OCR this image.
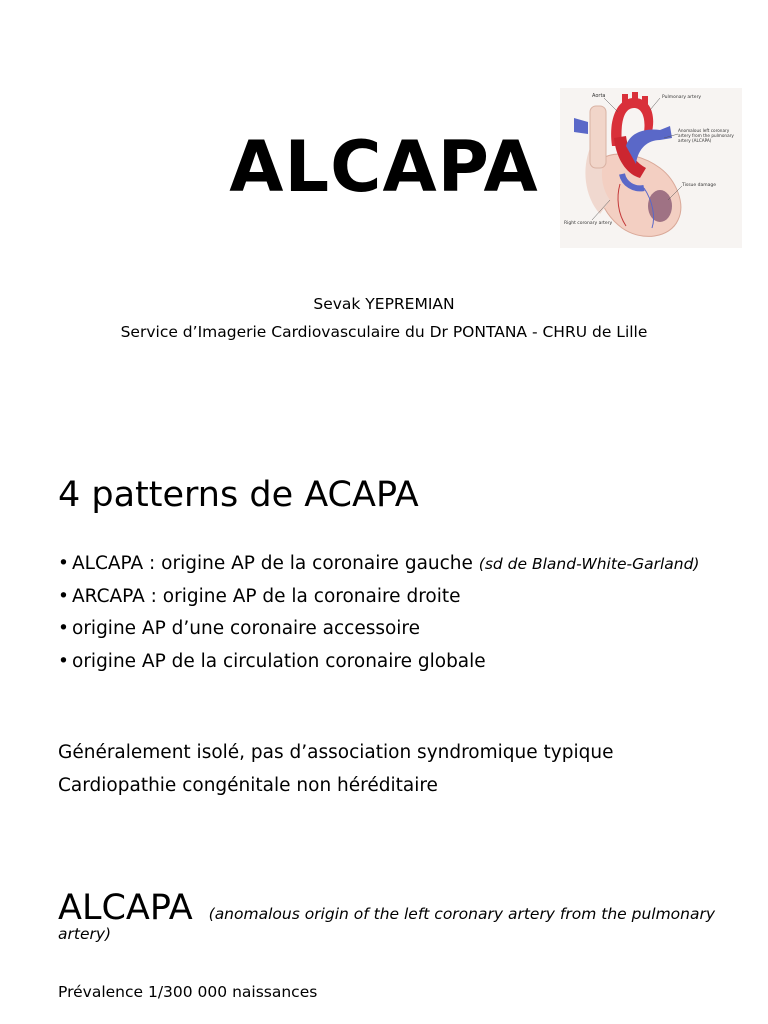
ALCAPA
Aorta	Pulmonary artery
Anomalous left coronary
artery from the pulmonary
artery (ALCAPA)
Tissue damage
Right coronary artery
Sevak YEPREMIAN
Service d’Imagerie Cardiovasculaire du Dr PONTANA - CHRU de Lille
4 patterns de ACAPA
• ALCAPA : origine AP de la coronaire gauche (sd de Bland-White-Garland)
• ARCAPA : origine AP de la coronaire droite
• origine AP d’une coronaire accessoire
• origine AP de la circulation coronaire globale
Généralement isolé, pas d’association syndromique typique
Cardiopathie congénitale non héréditaire
ALCAPA (anomalous origin of the left coronary artery from the pulmonary artery)
Prévalence 1/300 000 naissances
